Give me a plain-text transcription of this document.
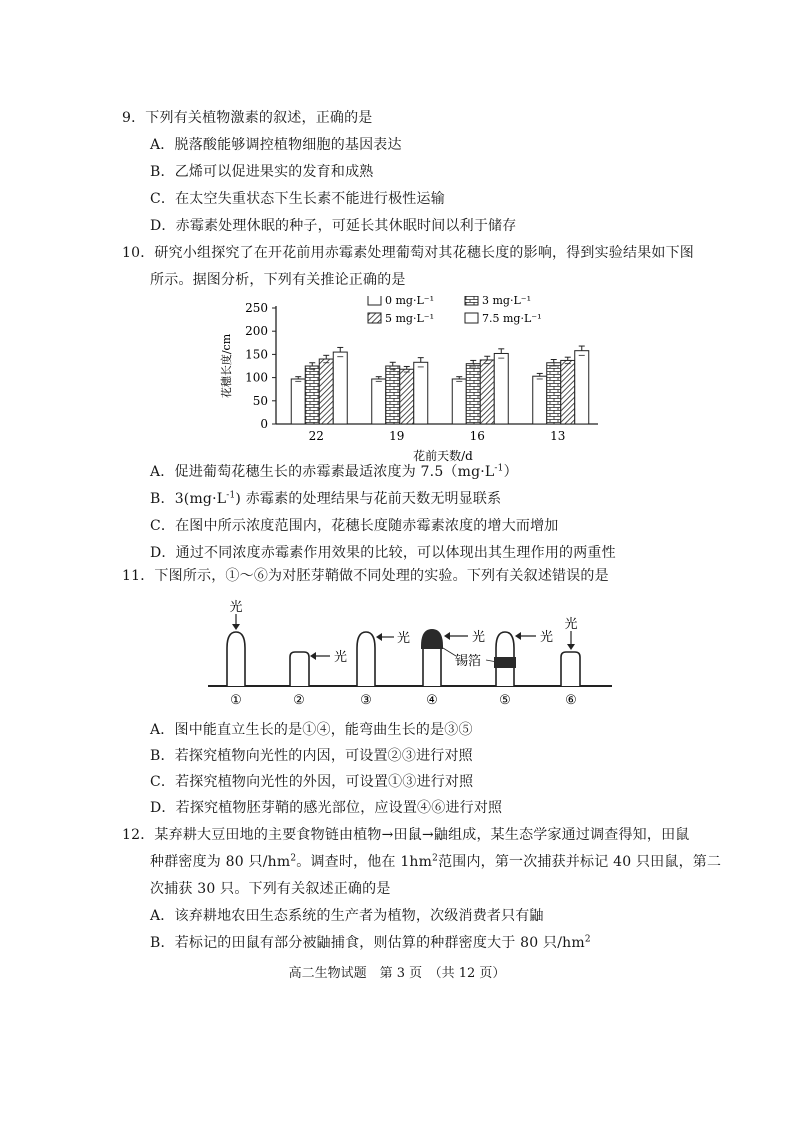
9．下列有关植物激素的叙述，正确的是
A．脱落酸能够调控植物细胞的基因表达
B．乙烯可以促进果实的发育和成熟
C．在太空失重状态下生长素不能进行极性运输
D．赤霉素处理休眠的种子，可延长其休眠时间以利于储存
10．研究小组探究了在开花前用赤霉素处理葡萄对其花穗长度的影响，得到实验结果如下图
所示。据图分析，下列有关推论正确的是
0
50
100
150
200
250
花穗长度/cm
22	19	16	13
花前天数/d
0 mg·L⁻¹	3 mg·L⁻¹
5 mg·L⁻¹	7.5 mg·L⁻¹
A．促进葡萄花穗生长的赤霉素最适浓度为 $7.5(mg\cdot L^{-1})$
B．$3(mg\cdot L^{-1})$ 赤霉素的处理结果与花前天数无明显联系
C．在图中所示浓度范围内，花穗长度随赤霉素浓度的增大而增加
D．通过不同浓度赤霉素作用效果的比较，可以体现出其生理作用的两重性
11．下图所示，①～⑥为对胚芽鞘做不同处理的实验。下列有关叙述错误的是
光
①
光
②
光
③
光
④
锡箔
光
⑤
光
⑥
A．图中能直立生长的是①④，能弯曲生长的是③⑤
B．若探究植物向光性的内因，可设置②③进行对照
C．若探究植物向光性的外因，可设置①③进行对照
D．若探究植物胚芽鞘的感光部位，应设置④⑥进行对照
12．某弃耕大豆田地的主要食物链由植物→田鼠→鼬组成，某生态学家通过调查得知，田鼠
种群密度为 80 只$/hm^2$。调查时，他在 $1hm^2$范围内，第一次捕获并标记 40 只田鼠，第二
次捕获 30 只。下列有关叙述正确的是
A．该弃耕地农田生态系统的生产者为植物，次级消费者只有鼬
B．若标记的田鼠有部分被鼬捕食，则估算的种群密度大于 80 只$/hm^2$
高二生物试题　第 3 页　（共 12 页）
